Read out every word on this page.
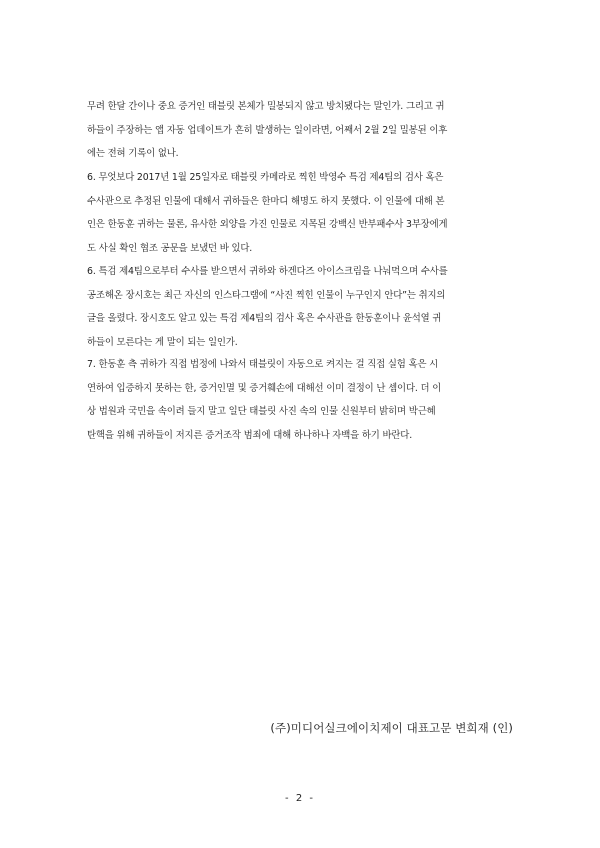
무려 한달 간이나 중요 증거인 태블릿 본체가 밀봉되지 않고 방치됐다는 말인가. 그리고 귀
하들이 주장하는 앱 자동 업데이트가 흔히 발생하는 일이라면, 어째서 2월 2일 밀봉된 이후
에는 전혀 기록이 없나.

6. 무엇보다 2017년 1월 25일자로 태블릿 카메라로 찍힌 박영수 특검 제4팀의 검사 혹은
수사관으로 추정된 인물에 대해서 귀하들은 한마디 해명도 하지 못했다. 이 인물에 대해 본
인은 한동훈 귀하는 물론, 유사한 외양을 가진 인물로 지목된 강백신 반부패수사 3부장에게
도 사실 확인 협조 공문을 보냈던 바 있다.

6. 특검 제4팀으로부터 수사를 받으면서 귀하와 하겐다즈 아이스크림을 나눠먹으며 수사를
공조해온 장시호는 최근 자신의 인스타그램에 “사진 찍힌 인물이 누구인지 안다”는 취지의
글을 올렸다. 장시호도 알고 있는 특검 제4팀의 검사 혹은 수사관을 한동훈이나 윤석열 귀
하들이 모른다는 게 말이 되는 일인가.

7. 한동훈 측 귀하가 직접 법정에 나와서 태블릿이 자동으로 켜지는 걸 직접 실험 혹은 시
연하여 입증하지 못하는 한, 증거인멸 및 증거훼손에 대해선 이미 결정이 난 셈이다. 더 이
상 법원과 국민을 속이려 들지 말고 일단 태블릿 사진 속의 인물 신원부터 밝히며 박근혜
탄핵을 위해 귀하들이 저지른 증거조작 범죄에 대해 하나하나 자백을 하기 바란다.

(주)미디어실크에이치제이 대표고문 변희재 (인)
- 2 -
